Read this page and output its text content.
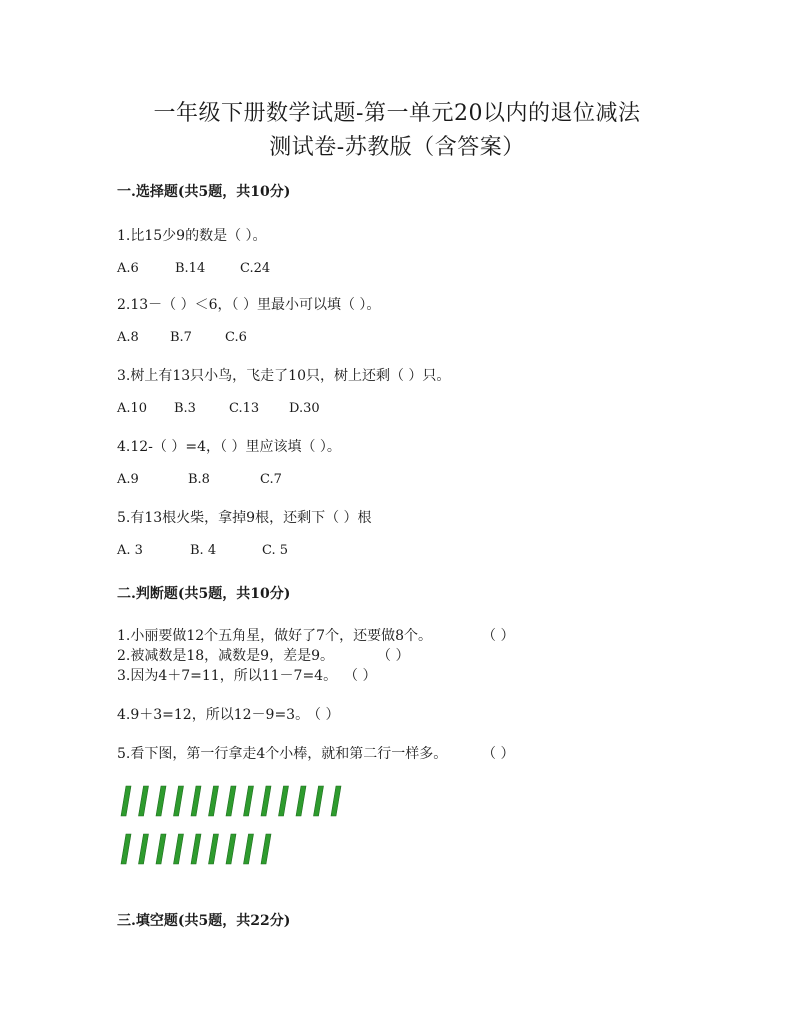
一年级下册数学试题-第一单元20以内的退位减法
测试卷-苏教版（含答案）
一.选择题(共5题，共10分)
1.比15少9的数是（ ）。
A.6	B.14	C.24
2.13－（ ）＜6，（ ）里最小可以填（ ）。
A.8 B.7	C.6
3.树上有13只小鸟，飞走了10只，树上还剩（ ）只。
A.10 B.3	C.13 D.30
4.12-（ ）=4，（ ）里应该填（ ）。
A.9	B.8	C.7
5.有13根火柴，拿掉9根，还剩下（ ）根
A. 3	B. 4	C. 5
二.判断题(共5题，共10分)
1.小丽要做12个五角星，做好了7个，还要做8个。	（ ）
2.被减数是18，减数是9，差是9。	（ ）
3.因为4＋7=11，所以11－7=4。 （ ）
4.9＋3=12，所以12－9=3。
（ ）
5.看下图，第一行拿走4个小棒，就和第二行一样多。 （ ）
三.填空题(共5题，共22分)
